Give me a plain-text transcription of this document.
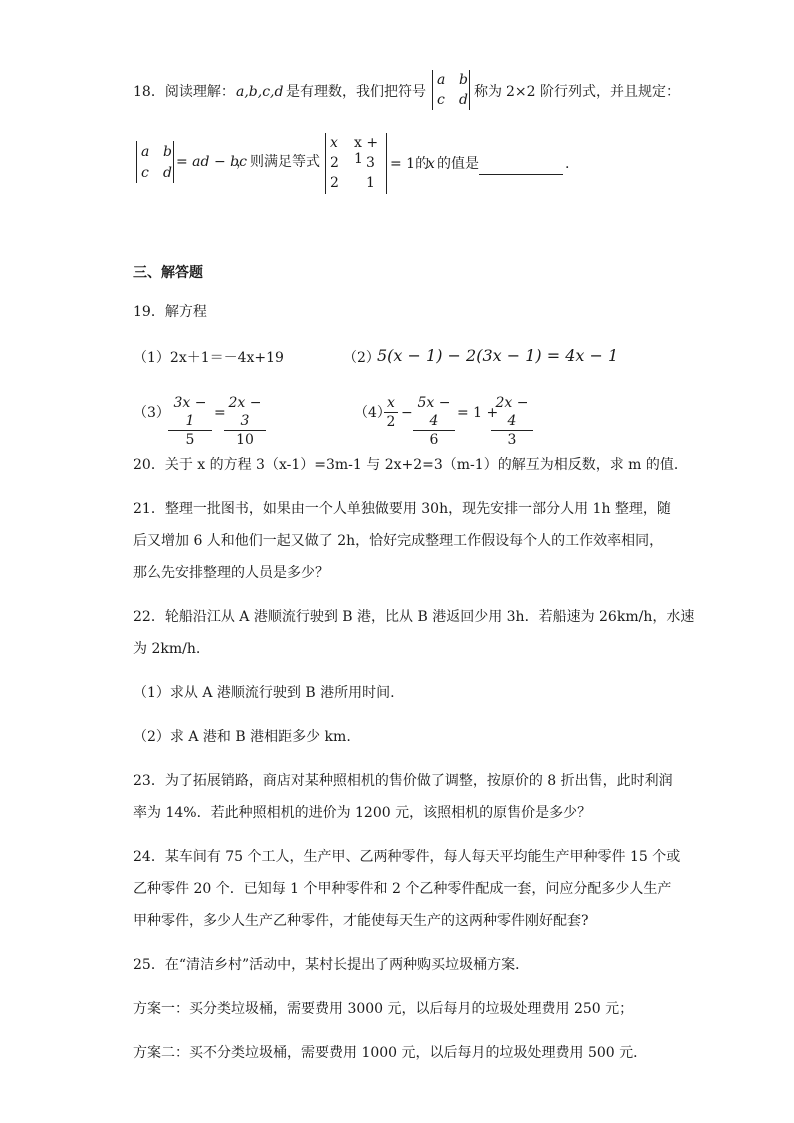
18．阅读理解： a,b,c,d 是有理数，我们把符号
a b
c d 称为 2×2 阶行列式，并且规定：
a b
c d
= ad − bc
，则满足等式
x x + 1
2 3
2 1
= 1的
x 的值是	.
三、解答题
19．解方程
（1）2x＋1＝－4x+19	（2）
5(x − 1) − 2(3x − 1) = 4x − 1
（3）
3x − 1
5
=
2x − 3
10
（4）
x
2
−
5x − 4
6
= 1 +
2x − 4
3
20．关于 x 的方程 3（x-1）=3m-1 与 2x+2=3（m-1）的解互为相反数，求 m 的值．
21．整理一批图书，如果由一个人单独做要用 30h，现先安排一部分人用 1h 整理，随
后又增加 6 人和他们一起又做了 2h，恰好完成整理工作假设每个人的工作效率相同，
那么先安排整理的人员是多少？
22．轮船沿江从 A 港顺流行驶到 B 港，比从 B 港返回少用 3h．若船速为 26km/h，水速
为 2km/h.
（1）求从 A 港顺流行驶到 B 港所用时间.
（2）求 A 港和 B 港相距多少 km.
23．为了拓展销路，商店对某种照相机的售价做了调整，按原价的 8 折出售，此时利润
率为 14%．若此种照相机的进价为 1200 元，该照相机的原售价是多少？
24．某车间有 75 个工人，生产甲、乙两种零件，每人每天平均能生产甲种零件 15 个或
乙种零件 20 个．已知每 1 个甲种零件和 2 个乙种零件配成一套，问应分配多少人生产
甲种零件，多少人生产乙种零件，才能使每天生产的这两种零件刚好配套?
25．在“清洁乡村”活动中，某村长提出了两种购买垃圾桶方案．
方案一：买分类垃圾桶，需要费用 3000 元，以后每月的垃圾处理费用 250 元；
方案二：买不分类垃圾桶，需要费用 1000 元，以后每月的垃圾处理费用 500 元．
